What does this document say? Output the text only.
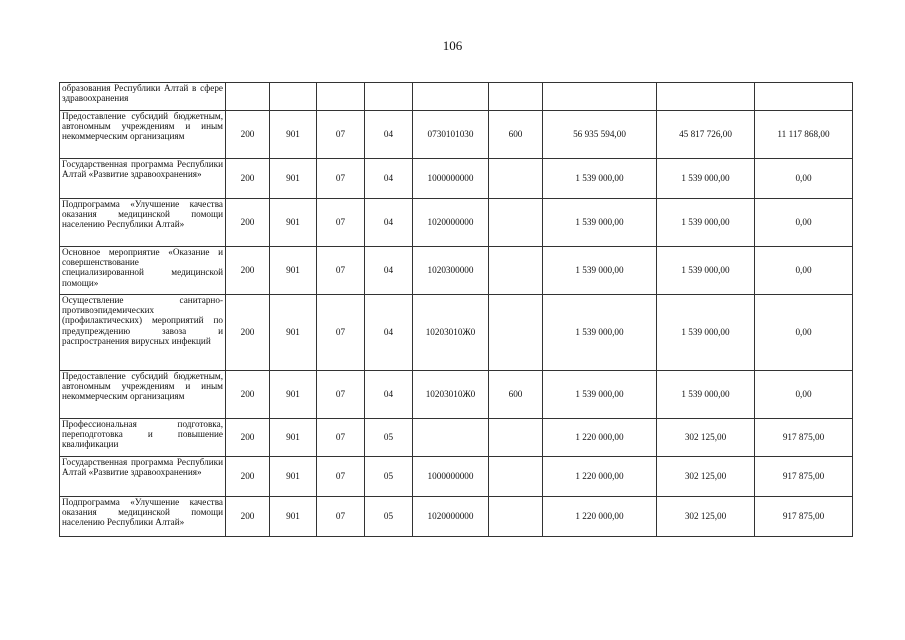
106
образования Республики Алтай в сфере здравоохранения									
Предоставление субсидий бюджетным, автономным учреждениям и иным некоммерческим организациям	200	901	07	04	0730101030	600	56 935 594,00	45 817 726,00	11 117 868,00
Государственная программа Республики Алтай «Развитие здравоохранения»	200	901	07	04	1000000000		1 539 000,00	1 539 000,00	0,00
Подпрограмма «Улучшение качества оказания медицинской помощи населению Республики Алтай»	200	901	07	04	1020000000		1 539 000,00	1 539 000,00	0,00
Основное мероприятие «Оказание и совершенствование специализированной медицинской помощи»	200	901	07	04	1020300000		1 539 000,00	1 539 000,00	0,00
Осуществление санитарно-противоэпидемических (профилактических) мероприятий по предупреждению завоза и распространения вирусных инфекций	200	901	07	04	10203010Ж0		1 539 000,00	1 539 000,00	0,00
Предоставление субсидий бюджетным, автономным учреждениям и иным некоммерческим организациям	200	901	07	04	10203010Ж0	600	1 539 000,00	1 539 000,00	0,00
Профессиональная подготовка, переподготовка и повышение квалификации	200	901	07	05			1 220 000,00	302 125,00	917 875,00
Государственная программа Республики Алтай «Развитие здравоохранения»	200	901	07	05	1000000000		1 220 000,00	302 125,00	917 875,00
Подпрограмма «Улучшение качества оказания медицинской помощи населению Республики Алтай»	200	901	07	05	1020000000		1 220 000,00	302 125,00	917 875,00
